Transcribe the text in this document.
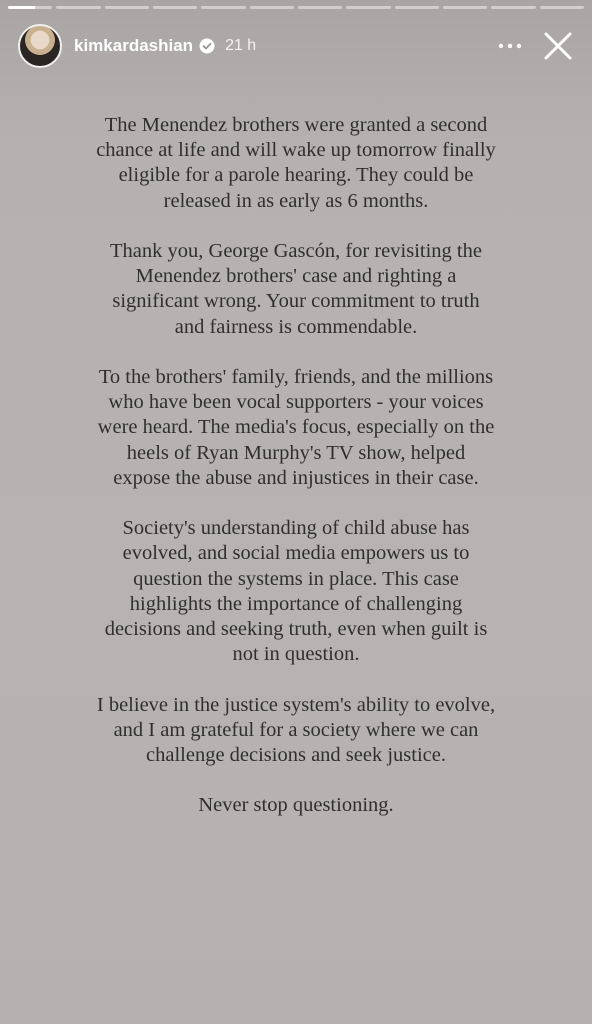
kimkardashian 21 h

The Menendez brothers were granted a second chance at life and will wake up tomorrow finally eligible for a parole hearing. They could be released in as early as 6 months.

Thank you, George Gascón, for revisiting the Menendez brothers' case and righting a significant wrong. Your commitment to truth and fairness is commendable.

To the brothers' family, friends, and the millions who have been vocal supporters - your voices were heard. The media's focus, especially on the heels of Ryan Murphy's TV show, helped expose the abuse and injustices in their case.

Society's understanding of child abuse has evolved, and social media empowers us to question the systems in place. This case highlights the importance of challenging decisions and seeking truth, even when guilt is not in question.

I believe in the justice system's ability to evolve, and I am grateful for a society where we can challenge decisions and seek justice.

Never stop questioning.
